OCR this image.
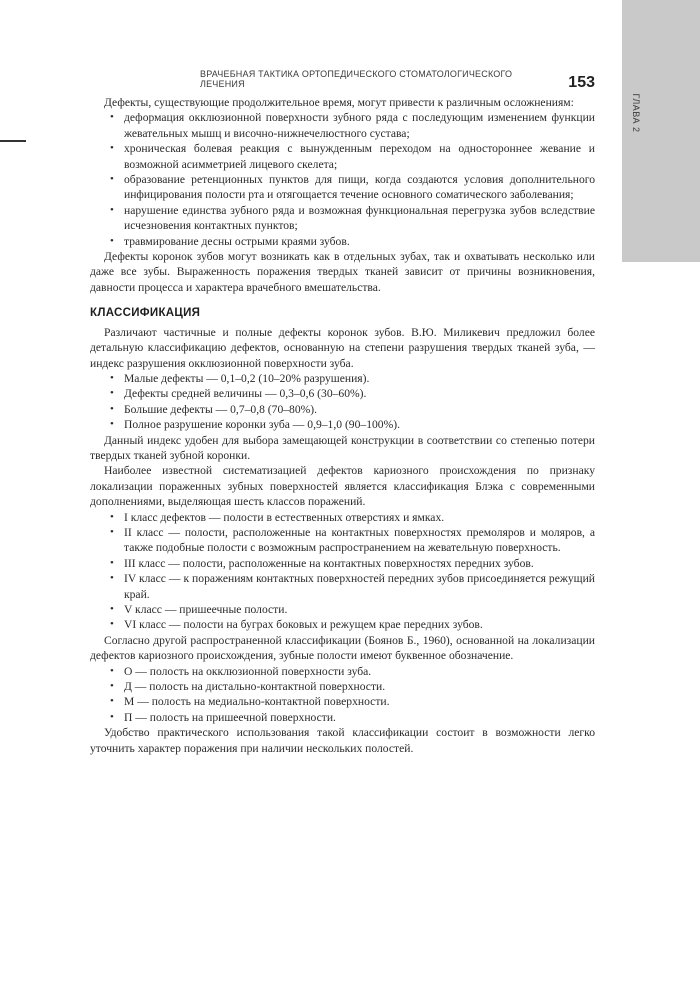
ГЛАВА 2
ВРАЧЕБНАЯ ТАКТИКА ОРТОПЕДИЧЕСКОГО СТОМАТОЛОГИЧЕСКОГО ЛЕЧЕНИЯ	153

Дефекты, существующие продолжительное время, могут привести к различным осложнениям:

• деформация окклюзионной поверхности зубного ряда с последующим изменением функции жевательных мышц и височно-нижнечелюстного сустава;
• хроническая болевая реакция с вынужденным переходом на одностороннее жевание и возможной асимметрией лицевого скелета;
• образование ретенционных пунктов для пищи, когда создаются условия дополнительного инфицирования полости рта и отягощается течение основного соматического заболевания;
• нарушение единства зубного ряда и возможная функциональная перегрузка зубов вследствие исчезновения контактных пунктов;
• травмирование десны острыми краями зубов.

Дефекты коронок зубов могут возникать как в отдельных зубах, так и охватывать несколько или даже все зубы. Выраженность поражения твердых тканей зависит от причины возникновения, давности процесса и характера врачебного вмешательства.

КЛАССИФИКАЦИЯ

Различают частичные и полные дефекты коронок зубов. В.Ю. Миликевич предложил более детальную классификацию дефектов, основанную на степени разрушения твердых тканей зуба, — индекс разрушения окклюзионной поверхности зуба.

• Малые дефекты — 0,1–0,2 (10–20% разрушения).
• Дефекты средней величины — 0,3–0,6 (30–60%).
• Большие дефекты — 0,7–0,8 (70–80%).
• Полное разрушение коронки зуба — 0,9–1,0 (90–100%).

Данный индекс удобен для выбора замещающей конструкции в соответствии со степенью потери твердых тканей зубной коронки.

Наиболее известной систематизацией дефектов кариозного происхождения по признаку локализации пораженных зубных поверхностей является классификация Блэка с современными дополнениями, выделяющая шесть классов поражений.

• I класс дефектов — полости в естественных отверстиях и ямках.
• II класс — полости, расположенные на контактных поверхностях премоляров и моляров, а также подобные полости с возможным распространением на жевательную поверхность.
• III класс — полости, расположенные на контактных поверхностях передних зубов.
• IV класс — к поражениям контактных поверхностей передних зубов присоединяется режущий край.
• V класс — пришеечные полости.
• VI класс — полости на буграх боковых и режущем крае передних зубов.

Согласно другой распространенной классификации (Боянов Б., 1960), основанной на локализации дефектов кариозного происхождения, зубные полости имеют буквенное обозначение.

• О — полость на окклюзионной поверхности зуба.
• Д — полость на дистально-контактной поверхности.
• М — полость на медиально-контактной поверхности.
• П — полость на пришеечной поверхности.

Удобство практического использования такой классификации состоит в возможности легко уточнить характер поражения при наличии нескольких полостей.
